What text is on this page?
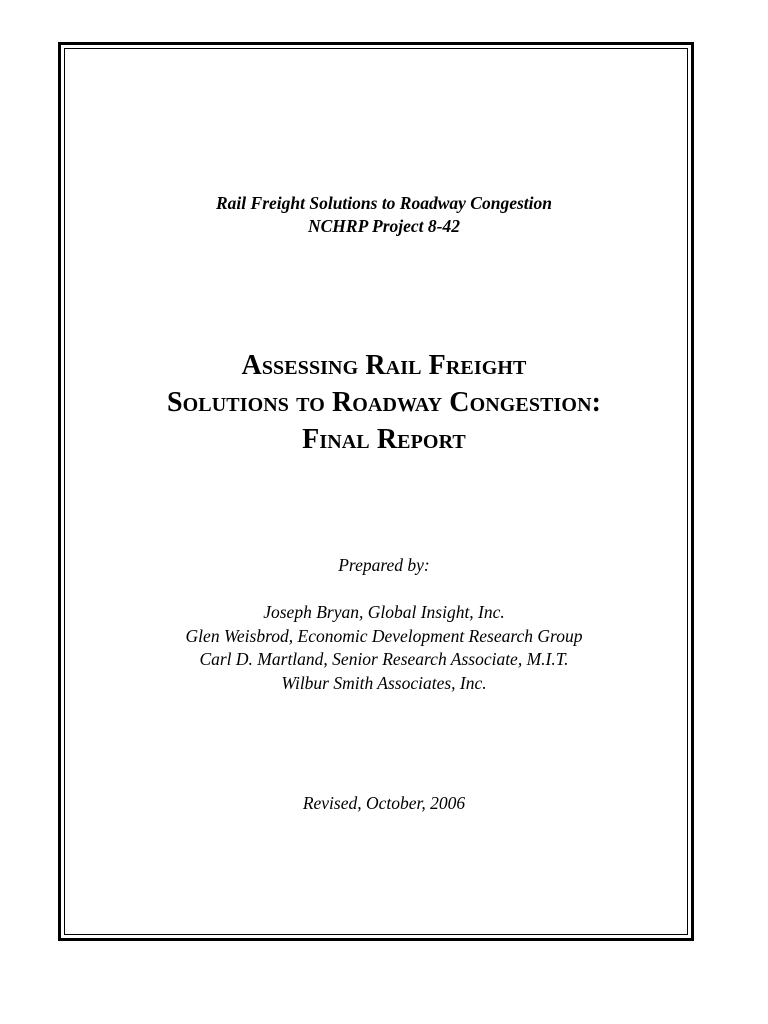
Rail Freight Solutions to Roadway Congestion
NCHRP Project 8-42
Assessing Rail Freight
Solutions to Roadway Congestion:
Final Report
Prepared by:
Joseph Bryan, Global Insight, Inc.
Glen Weisbrod, Economic Development Research Group
Carl D. Martland, Senior Research Associate, M.I.T.
Wilbur Smith Associates, Inc.
Revised, October, 2006
